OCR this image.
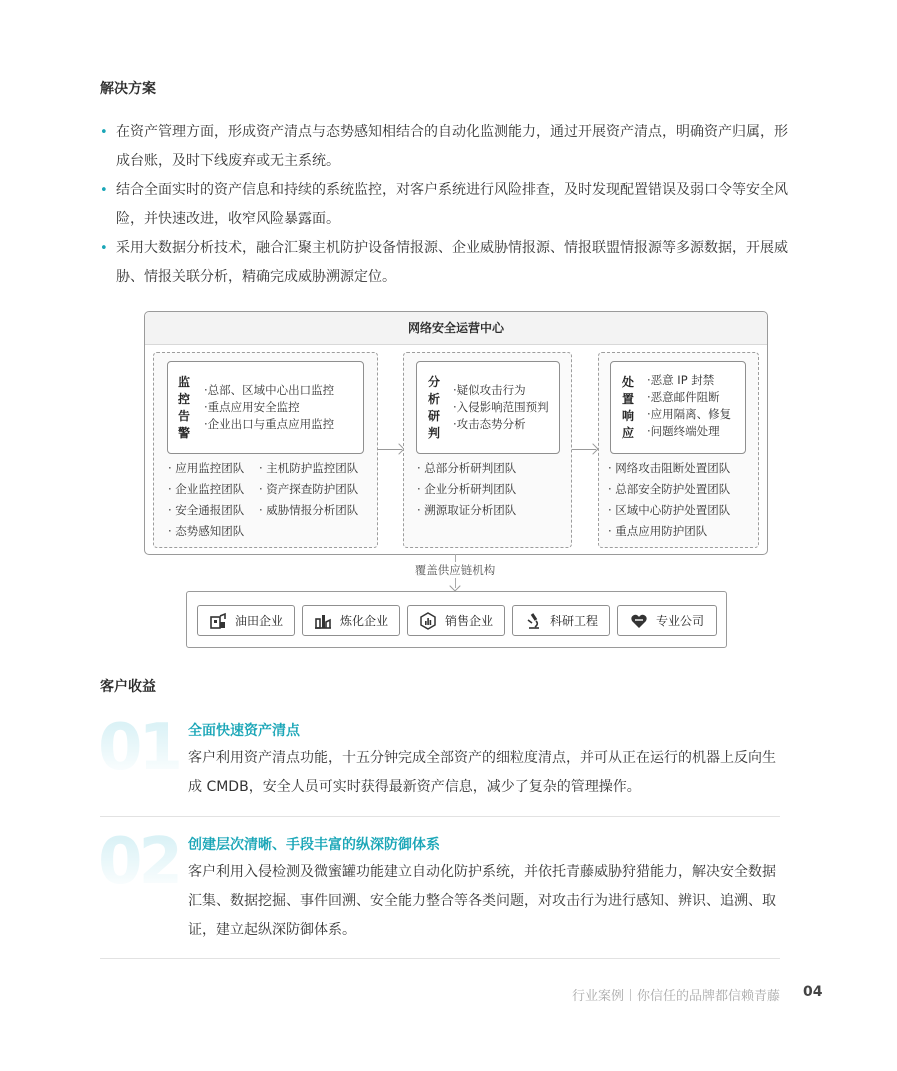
解决方案
• 在资产管理方面，形成资产清点与态势感知相结合的自动化监测能力，通过开展资产清点，明确资产归属，形成台账，及时下线废弃或无主系统。
• 结合全面实时的资产信息和持续的系统监控，对客户系统进行风险排查，及时发现配置错误及弱口令等安全风险，并快速改进，收窄风险暴露面。
• 采用大数据分析技术，融合汇聚主机防护设备情报源、企业威胁情报源、情报联盟情报源等多源数据，开展威胁、情报关联分析，精确完成威胁溯源定位。
网络安全运营中心
监控告警
·总部、区域中心出口监控
·重点应用安全监控
·企业出口与重点应用监控
· 应用监控团队
· 企业监控团队
· 安全通报团队
· 态势感知团队
· 主机防护监控团队
· 资产探查防护团队
· 威胁情报分析团队
分析研判
·疑似攻击行为
·入侵影响范围预判
·攻击态势分析
· 总部分析研判团队
· 企业分析研判团队
· 溯源取证分析团队
处置响应
·恶意 IP 封禁
·恶意邮件阻断
·应用隔离、修复
·问题终端处理
· 网络攻击阻断处置团队
· 总部安全防护处置团队
· 区域中心防护处置团队
· 重点应用防护团队
覆盖供应链机构
油田企业	炼化企业	销售企业	科研工程	专业公司
客户收益
01 全面快速资产清点
客户利用资产清点功能，十五分钟完成全部资产的细粒度清点，并可从正在运行的机器上反向生成 CMDB，安全人员可实时获得最新资产信息，减少了复杂的管理操作。
02 创建层次清晰、手段丰富的纵深防御体系
客户利用入侵检测及微蜜罐功能建立自动化防护系统，并依托青藤威胁狩猎能力，解决安全数据汇集、数据挖掘、事件回溯、安全能力整合等各类问题，对攻击行为进行感知、辨识、追溯、取证，建立起纵深防御体系。
行业案例 你信任的品牌都信赖青藤 04
